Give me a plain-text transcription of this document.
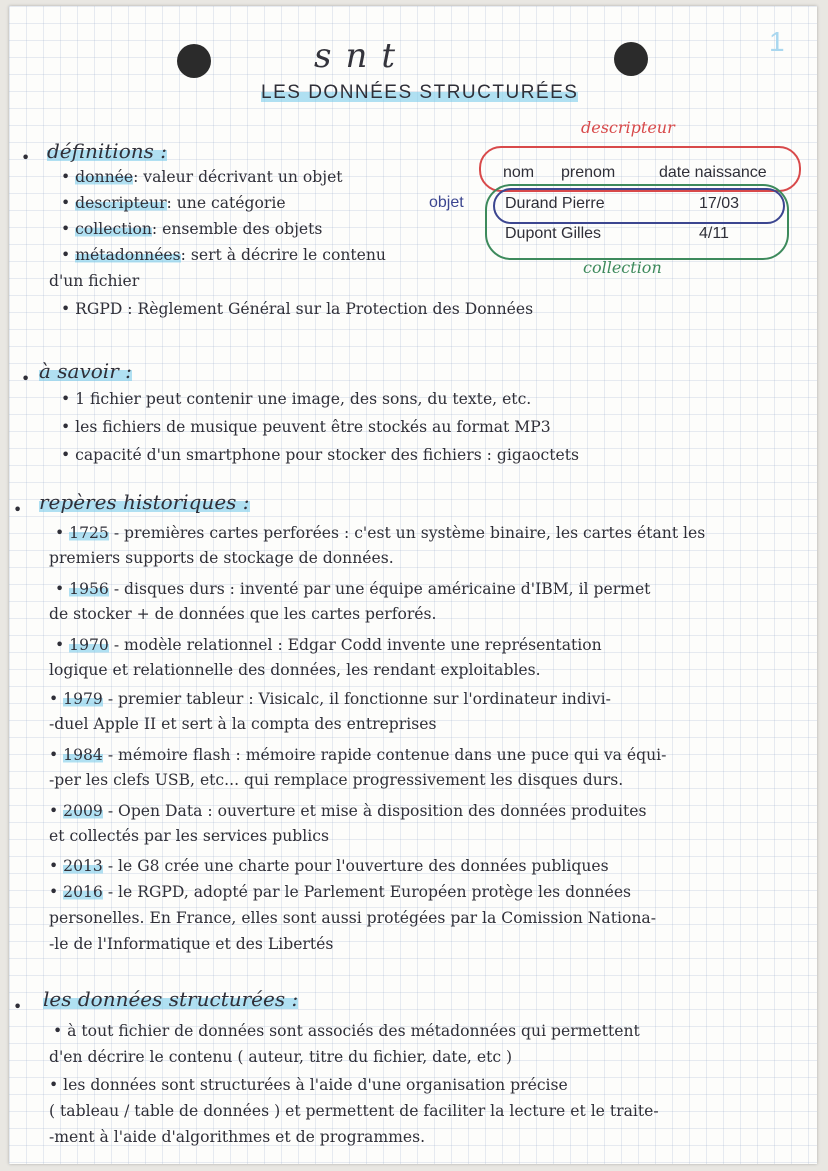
snt
LES DONNÉES STRUCTURÉES
1
• définitions :
• donnée: valeur décrivant un objet
• descripteur: une catégorie
• collection: ensemble des objets
• métadonnées: sert à décrire le contenu
d'un fichier
• RGPD : Règlement Général sur la Protection des Données
descripteur
nom prenom	date naissance
objet	Durand Pierre	17/03
Dupont Gilles	4/11
collection
• à savoir :
• 1 fichier peut contenir une image, des sons, du texte, etc.
• les fichiers de musique peuvent être stockés au format MP3
• capacité d'un smartphone pour stocker des fichiers : gigaoctets
• repères historiques :
• 1725 - premières cartes perforées : c'est un système binaire, les cartes étant les
premiers supports de stockage de données.
• 1956 - disques durs : inventé par une équipe américaine d'IBM, il permet
de stocker + de données que les cartes perforés.
• 1970 - modèle relationnel : Edgar Codd invente une représentation
logique et relationnelle des données, les rendant exploitables.
• 1979 - premier tableur : Visicalc, il fonctionne sur l'ordinateur indivi-
-duel Apple II et sert à la compta des entreprises
• 1984 - mémoire flash : mémoire rapide contenue dans une puce qui va équi-
-per les clefs USB, etc... qui remplace progressivement les disques durs.
• 2009 - Open Data : ouverture et mise à disposition des données produites
et collectés par les services publics
• 2013 - le G8 crée une charte pour l'ouverture des données publiques
• 2016 - le RGPD, adopté par le Parlement Européen protège les données
personelles. En France, elles sont aussi protégées par la Comission Nationa-
-le de l'Informatique et des Libertés
• les données structurées :
• à tout fichier de données sont associés des métadonnées qui permettent
d'en décrire le contenu ( auteur, titre du fichier, date, etc )
• les données sont structurées à l'aide d'une organisation précise
( tableau / table de données ) et permettent de faciliter la lecture et le traite-
-ment à l'aide d'algorithmes et de programmes.
